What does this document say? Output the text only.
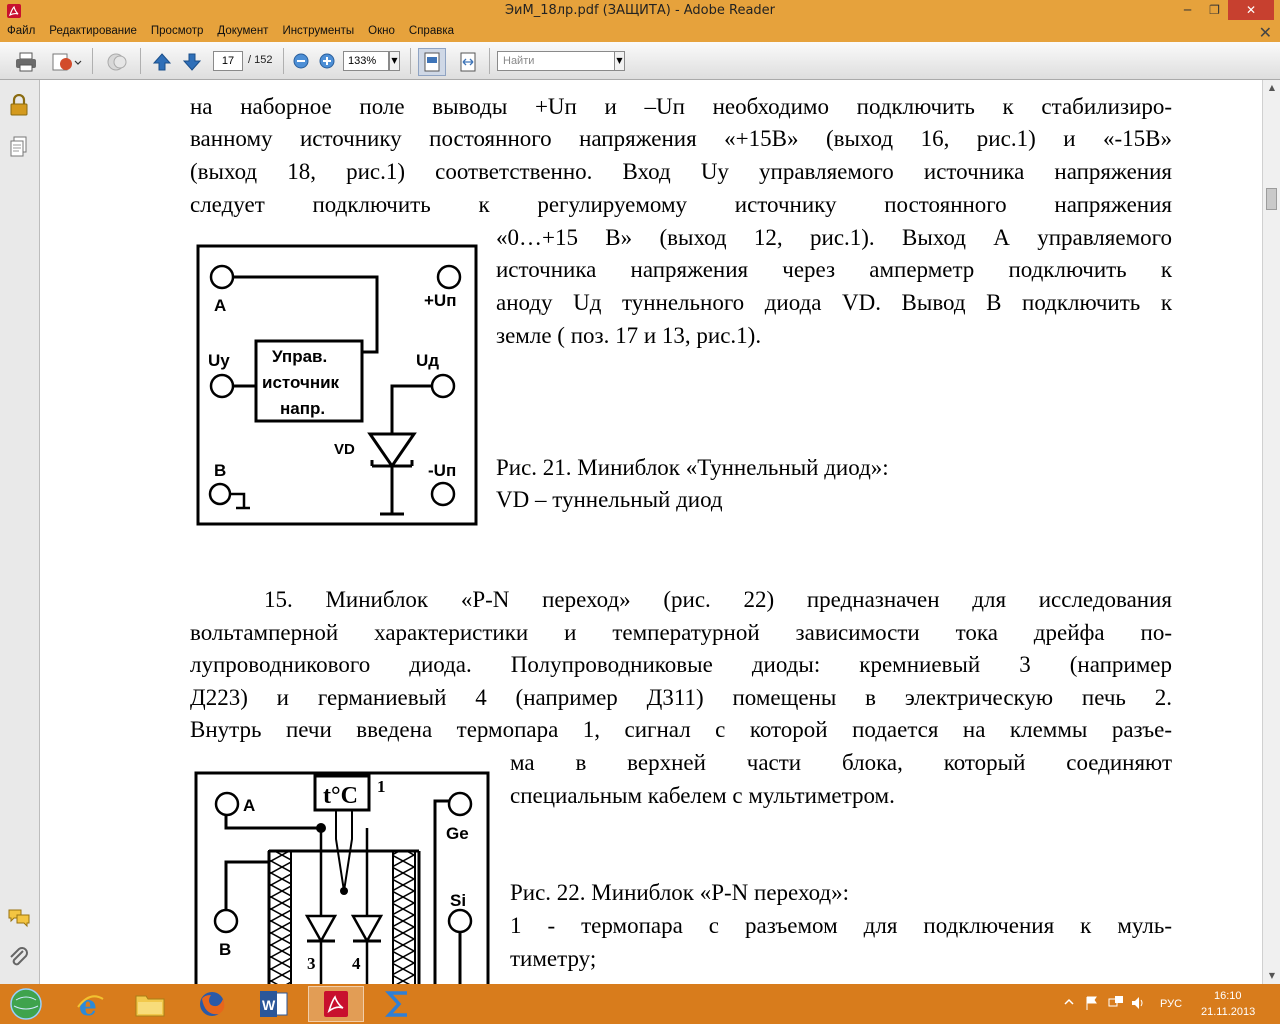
ЭиМ_18лр.pdf (ЗАЩИТА) - Adobe Reader	─	❐	✕
Файл	Редактирование	Просмотр	Документ	Инструменты	Окно	Справка	✕
17	/ 152	133%	▼	Найти	▼
на наборное поле выводы +Uп и –Uп необходимо подключить к стабилизиро-
ванному источнику постоянного напряжения «+15В» (выход 16, рис.1) и «-15В»
(выход 18, рис.1) соответственно. Вход Uу управляемого источника напряжения
следует подключить к регулируемому источнику постоянного напряжения
«0…+15 В» (выход 12, рис.1). Выход А управляемого
источника напряжения через амперметр подключить к
аноду Uд туннельного диода VD. Вывод В подключить к
земле ( поз. 17 и 13, рис.1).
Рис. 21. Миниблок «Туннельный диод»:
VD – туннельный диод
A	+Uп
Uу	Uд
Управ.
источник
напр.
VD
B	-Uп
15. Миниблок «P-N переход» (рис. 22) предназначен для исследования
вольтамперной характеристики и температурной зависимости тока дрейфа по-
лупроводникового диода. Полупроводниковые диоды: кремниевый 3 (например
Д223) и германиевый 4 (например Д311) помещены в электрическую печь 2.
Внутрь печи введена термопара 1, сигнал с которой подается на клеммы разъе-
ма в верхней части блока, который соединяют
специальным кабелем с мультиметром.
Рис. 22. Миниблок «P-N переход»:
1 - термопара с разъемом для подключения к муль-
тиметру;
A	t°C 1
Ge
Si
B
3 4
▲
▼
e	W	РУС
16:10
21.11.2013
